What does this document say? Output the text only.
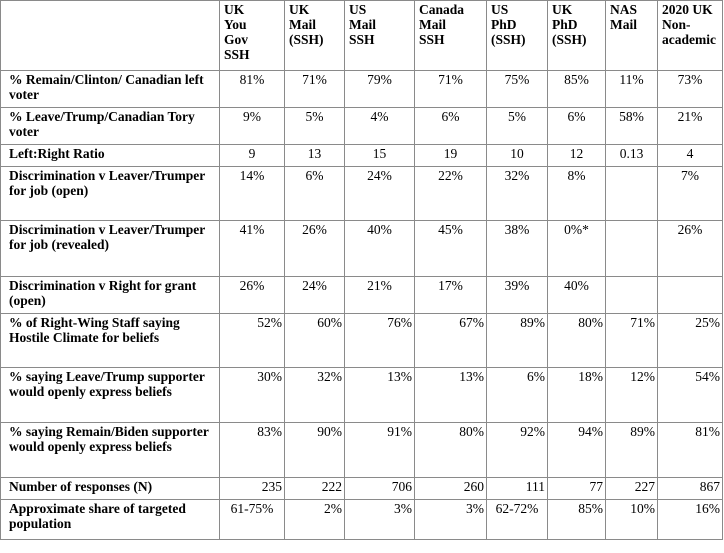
	UK
You
Gov
SSH	UK
Mail
(SSH)	US
Mail
SSH	Canada
Mail
SSH	US
PhD
(SSH)	UK
PhD
(SSH)	NAS
Mail	2020 UK
Non-
academic
% Remain/Clinton/ Canadian left voter	81%	71%	79%	71%	75%	85%	11%	73%
% Leave/Trump/Canadian Tory voter	9%	5%	4%	6%	5%	6%	58%	21%
Left:Right Ratio	9	13	15	19	10	12	0.13	4
Discrimination v Leaver/Trumper for job (open)	14%	6%	24%	22%	32%	8%		7%
Discrimination v Leaver/Trumper for job (revealed)	41%	26%	40%	45%	38%	0%*		26%
Discrimination v Right for grant (open)	26%	24%	21%	17%	39%	40%		
% of Right-Wing Staff saying Hostile Climate for beliefs	52%	60%	76%	67%	89%	80%	71%	25%
% saying Leave/Trump supporter would openly express beliefs	30%	32%	13%	13%	6%	18%	12%	54%
% saying Remain/Biden supporter would openly express beliefs	83%	90%	91%	80%	92%	94%	89%	81%
Number of responses (N)	235	222	706	260	111	77	227	867
Approximate share of targeted population	61-75%	2%	3%	3%	62-72%	85%	10%	16%
